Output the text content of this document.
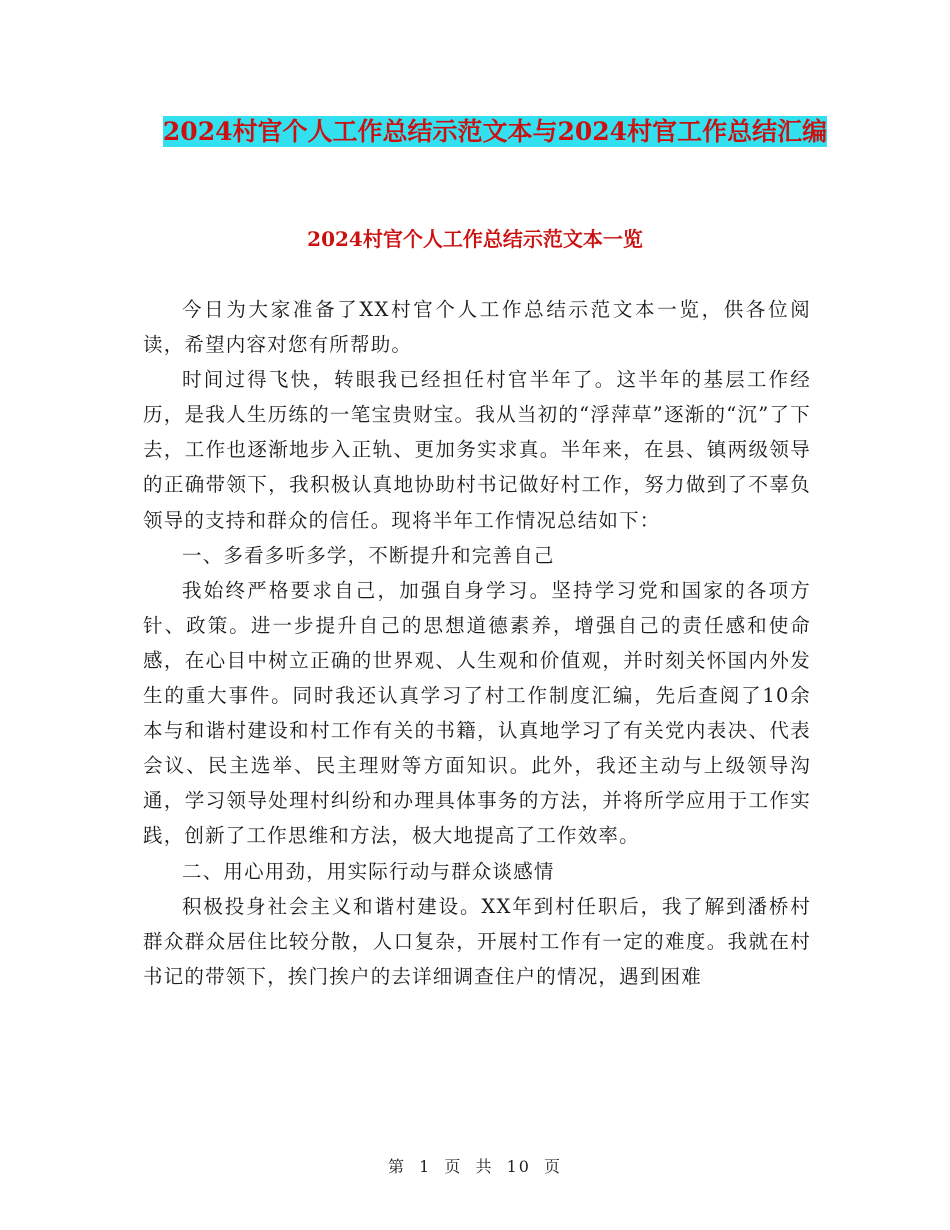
2024村官个人工作总结示范文本与2024村官工作总结汇编
2024村官个人工作总结示范文本一览

今日为大家准备了XX村官个人工作总结示范文本一览，供各位阅读，希望内容对您有所帮助。

时间过得飞快，转眼我已经担任村官半年了。这半年的基层工作经历，是我人生历练的一笔宝贵财宝。我从当初的“浮萍草”逐渐的“沉”了下去，工作也逐渐地步入正轨、更加务实求真。半年来，在县、镇两级领导的正确带领下，我积极认真地协助村书记做好村工作，努力做到了不辜负领导的支持和群众的信任。现将半年工作情况总结如下：

一、多看多听多学，不断提升和完善自己

我始终严格要求自己，加强自身学习。坚持学习党和国家的各项方针、政策。进一步提升自己的思想道德素养，增强自己的责任感和使命感，在心目中树立正确的世界观、人生观和价值观，并时刻关怀国内外发生的重大事件。同时我还认真学习了村工作制度汇编，先后查阅了10余本与和谐村建设和村工作有关的书籍，认真地学习了有关党内表决、代表会议、民主选举、民主理财等方面知识。此外，我还主动与上级领导沟通，学习领导处理村纠纷和办理具体事务的方法，并将所学应用于工作实践，创新了工作思维和方法，极大地提高了工作效率。

二、用心用劲，用实际行动与群众谈感情

积极投身社会主义和谐村建设。XX年到村任职后，我了解到潘桥村群众群众居住比较分散，人口复杂，开展村工作有一定的难度。我就在村书记的带领下，挨门挨户的去详细调查住户的情况，遇到困难

第 1 页 共 10 页
